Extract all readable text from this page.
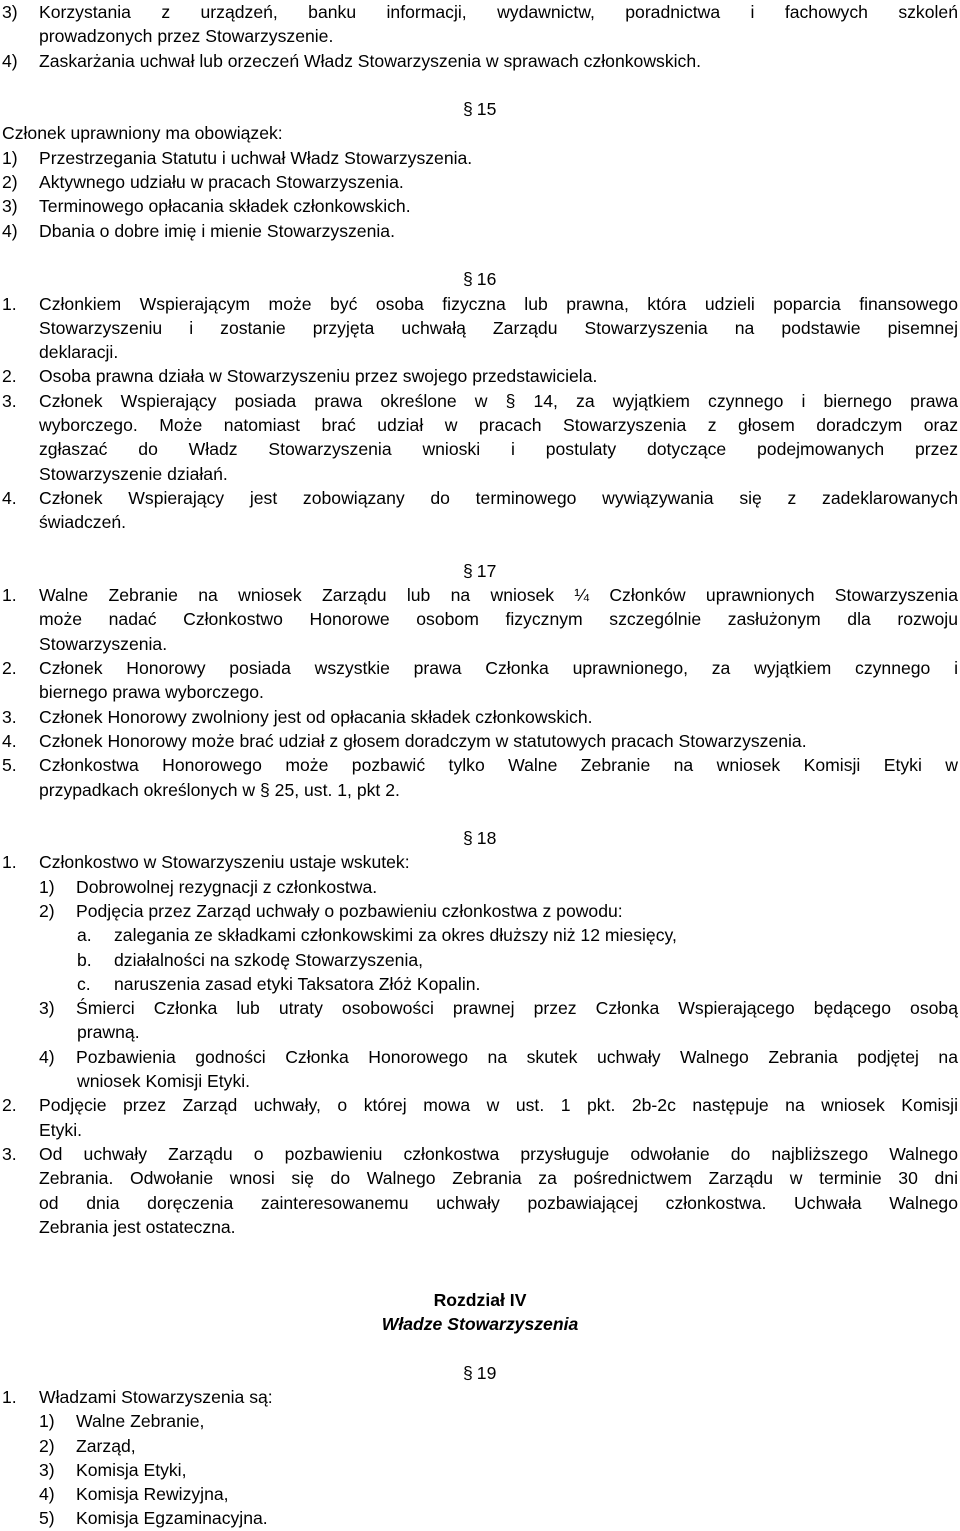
3)	Korzystania z urządzeń, banku informacji, wydawnictw, poradnictwa i fachowych szkoleń
prowadzonych przez Stowarzyszenie.
4)	Zaskarżania uchwał lub orzeczeń Władz Stowarzyszenia w sprawach członkowskich.
§ 15
Członek uprawniony ma obowiązek:
1)	Przestrzegania Statutu i uchwał Władz Stowarzyszenia.
2)	Aktywnego udziału w pracach Stowarzyszenia.
3)	Terminowego opłacania składek członkowskich.
4)	Dbania o dobre imię i mienie Stowarzyszenia.
§ 16
1.	Członkiem Wspierającym może być osoba fizyczna lub prawna, która udzieli poparcia finansowego
Stowarzyszeniu i zostanie przyjęta uchwałą Zarządu Stowarzyszenia na podstawie pisemnej
deklaracji.
2.	Osoba prawna działa w Stowarzyszeniu przez swojego przedstawiciela.
3.	Członek Wspierający posiada prawa określone w § 14, za wyjątkiem czynnego i biernego prawa
wyborczego. Może natomiast brać udział w pracach Stowarzyszenia z głosem doradczym oraz
zgłaszać do Władz Stowarzyszenia wnioski i postulaty dotyczące podejmowanych przez
Stowarzyszenie działań.
4.	Członek Wspierający jest zobowiązany do terminowego wywiązywania się z zadeklarowanych
świadczeń.
§ 17
1.	Walne Zebranie na wniosek Zarządu lub na wniosek ¼ Członków uprawnionych Stowarzyszenia
może nadać Członkostwo Honorowe osobom fizycznym szczególnie zasłużonym dla rozwoju
Stowarzyszenia.
2.	Członek Honorowy posiada wszystkie prawa Członka uprawnionego, za wyjątkiem czynnego i
biernego prawa wyborczego.
3.	Członek Honorowy zwolniony jest od opłacania składek członkowskich.
4.	Członek Honorowy może brać udział z głosem doradczym w statutowych pracach Stowarzyszenia.
5.	Członkostwa Honorowego może pozbawić tylko Walne Zebranie na wniosek Komisji Etyki w
przypadkach określonych w § 25, ust. 1, pkt 2.
§ 18
1.	Członkostwo w Stowarzyszeniu ustaje wskutek:
1)	Dobrowolnej rezygnacji z członkostwa.
2)	Podjęcia przez Zarząd uchwały o pozbawieniu członkostwa z powodu:
a.	zalegania ze składkami członkowskimi za okres dłuższy niż 12 miesięcy,
b.	działalności na szkodę Stowarzyszenia,
c.	naruszenia zasad etyki Taksatora Złóż Kopalin.
3)	Śmierci Członka lub utraty osobowości prawnej przez Członka Wspierającego będącego osobą
prawną.
4)	Pozbawienia godności Członka Honorowego na skutek uchwały Walnego Zebrania podjętej na
wniosek Komisji Etyki.
2.	Podjęcie przez Zarząd uchwały, o której mowa w ust. 1 pkt. 2b-2c następuje na wniosek Komisji
Etyki.
3.	Od uchwały Zarządu o pozbawieniu członkostwa przysługuje odwołanie do najbliższego Walnego
Zebrania. Odwołanie wnosi się do Walnego Zebrania za pośrednictwem Zarządu w terminie 30 dni
od dnia doręczenia zainteresowanemu uchwały pozbawiającej członkostwa. Uchwała Walnego
Zebrania jest ostateczna.
Rozdział IV
Władze Stowarzyszenia
§ 19
1.	Władzami Stowarzyszenia są:
1)	Walne Zebranie,
2)	Zarząd,
3)	Komisja Etyki,
4)	Komisja Rewizyjna,
5)	Komisja Egzaminacyjna.
